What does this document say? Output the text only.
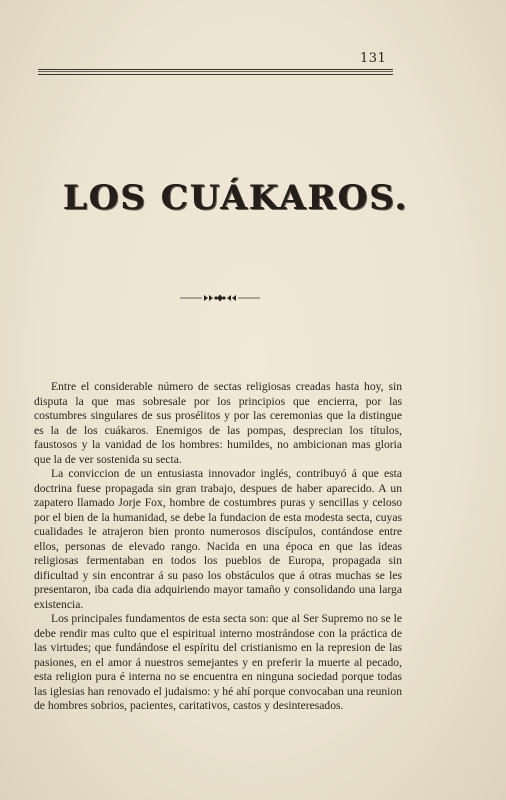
131
LOS CUÁKAROS.

Entre el considerable número de sectas religiosas creadas hasta hoy, sin disputa la que mas sobresale por los principios que encierra, por las costumbres singulares de sus prosélitos y por las ceremonias que la distingue es la de los cuákaros. Enemigos de las pompas, desprecian los títulos, faustosos y la vanidad de los hombres: humildes, no ambicionan mas gloria que la de ver sostenida su secta.

La conviccion de un entusiasta innovador inglés, contribuyó á que esta doctrina fuese propagada sin gran trabajo, despues de haber aparecido. A un zapatero llamado Jorje Fox, hombre de costumbres puras y sencillas y celoso por el bien de la humanidad, se debe la fundacion de esta modesta secta, cuyas cualidades le atrajeron bien pronto numerosos discípulos, contándose entre ellos, personas de elevado rango. Nacida en una época en que las ideas religiosas fermentaban en todos los pueblos de Europa, propagada sin dificultad y sin encontrar á su paso los obstáculos que á otras muchas se les presentaron, iba cada dia adquiriendo mayor tamaño y consolidando una larga existencia.

Los principales fundamentos de esta secta son: que al Ser Supremo no se le debe rendir mas culto que el espiritual interno mostrándose con la práctica de las virtudes; que fundándose el espíritu del cristianismo en la represion de las pasiones, en el amor á nuestros semejantes y en preferir la muerte al pecado, esta religion pura é interna no se encuentra en ninguna sociedad porque todas las iglesias han renovado el judaismo: y hé ahí porque convocaban una reunion de hombres sobrios, pacientes, caritativos, castos y desinteresados.
